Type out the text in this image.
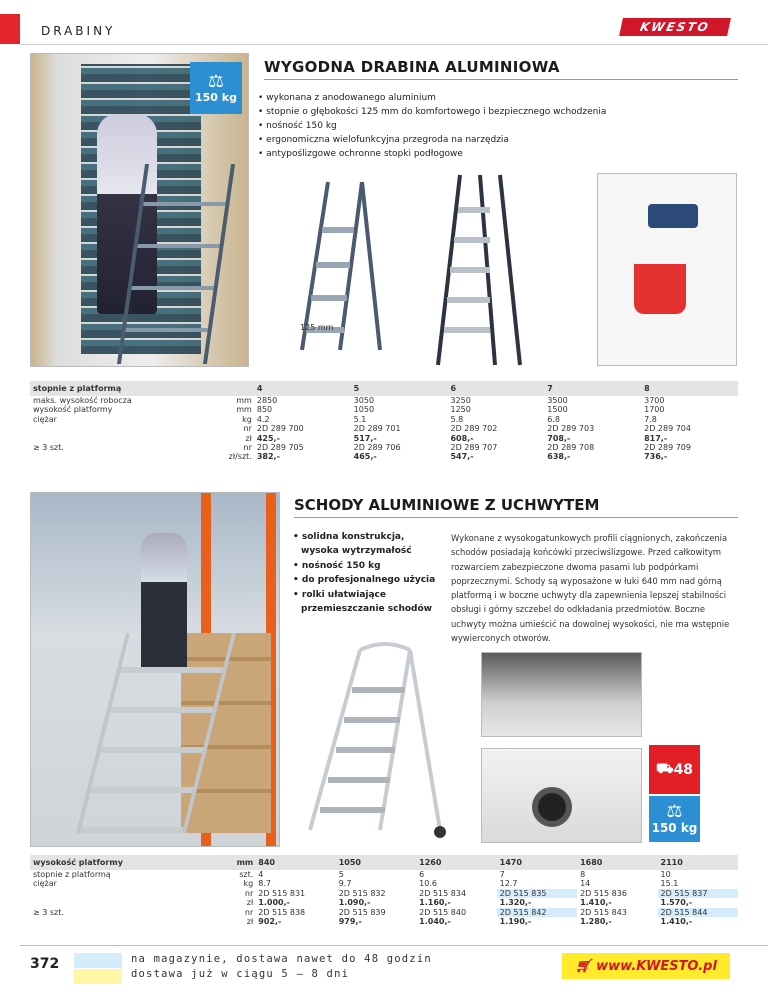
DRABINY	KWESTO
⚖
150 kg
WYGODNA DRABINA ALUMINIOWA
• wykonana z anodowanego aluminium
• stopnie o głębokości 125 mm do komfortowego i bezpiecznego wchodzenia
• nośność 150 kg
• ergonomiczna wielofunkcyjna przegroda na narzędzia
• antypoślizgowe ochronne stopki podłogowe
125 mm
stopnie z platformą		4	5	6	7	8
maks. wysokość robocza	mm	2850	3050	3250	3500	3700
wysokość platformy	mm	850	1050	1250	1500	1700
ciężar	kg	4.2	5.1	5.8	6.8	7.8
	nr	2D 289 700	2D 289 701	2D 289 702	2D 289 703	2D 289 704
	zł	425,-	517,-	608,-	708,-	817,-
≥ 3 szt.	nr	2D 289 705	2D 289 706	2D 289 707	2D 289 708	2D 289 709
	zł/szt.	382,-	465,-	547,-	638,-	736,-
SCHODY ALUMINIOWE Z UCHWYTEM
• solidna konstrukcja, wysoka wytrzymałość
• nośność 150 kg
• do profesjonalnego użycia
• rolki ułatwiające przemieszczanie schodów
Wykonane z wysokogatunkowych profili ciągnionych, zakończenia schodów posiadają końcówki przeciwślizgowe. Przed całkowitym rozwarciem zabezpieczone dwoma pasami lub podpórkami poprzecznymi. Schody są wyposażone w łuki 640 mm nad górną platformą i w boczne uchwyty dla zapewnienia lepszej stabilności obsługi i górny szczebel do odkładania przedmiotów. Boczne uchwyty można umieścić na dowolnej wysokości, nie ma wstępnie wywierconych otworów.
⛟ 48
⚖
150 kg
wysokość platformy	mm	840	1050	1260	1470	1680	2110
stopnie z platformą	szt.	4	5	6	7	8	10
ciężar	kg	8.7	9.7	10.6	12.7	14	15.1
	nr	2D 515 831	2D 515 832	2D 515 834	2D 515 835	2D 515 836	2D 515 837
	zł	1.000,-	1.090,-	1.160,-	1.320,-	1.410,-	1.570,-
≥ 3 szt.	nr	2D 515 838	2D 515 839	2D 515 840	2D 515 842	2D 515 843	2D 515 844
	zł	902,-	979,-	1.040,-	1.190,-	1.280,-	1.410,-
372	na magazynie, dostawa nawet do 48 godzin
dostawa już w ciągu 5 – 8 dni
🛒︎
www.KWESTO.pl
